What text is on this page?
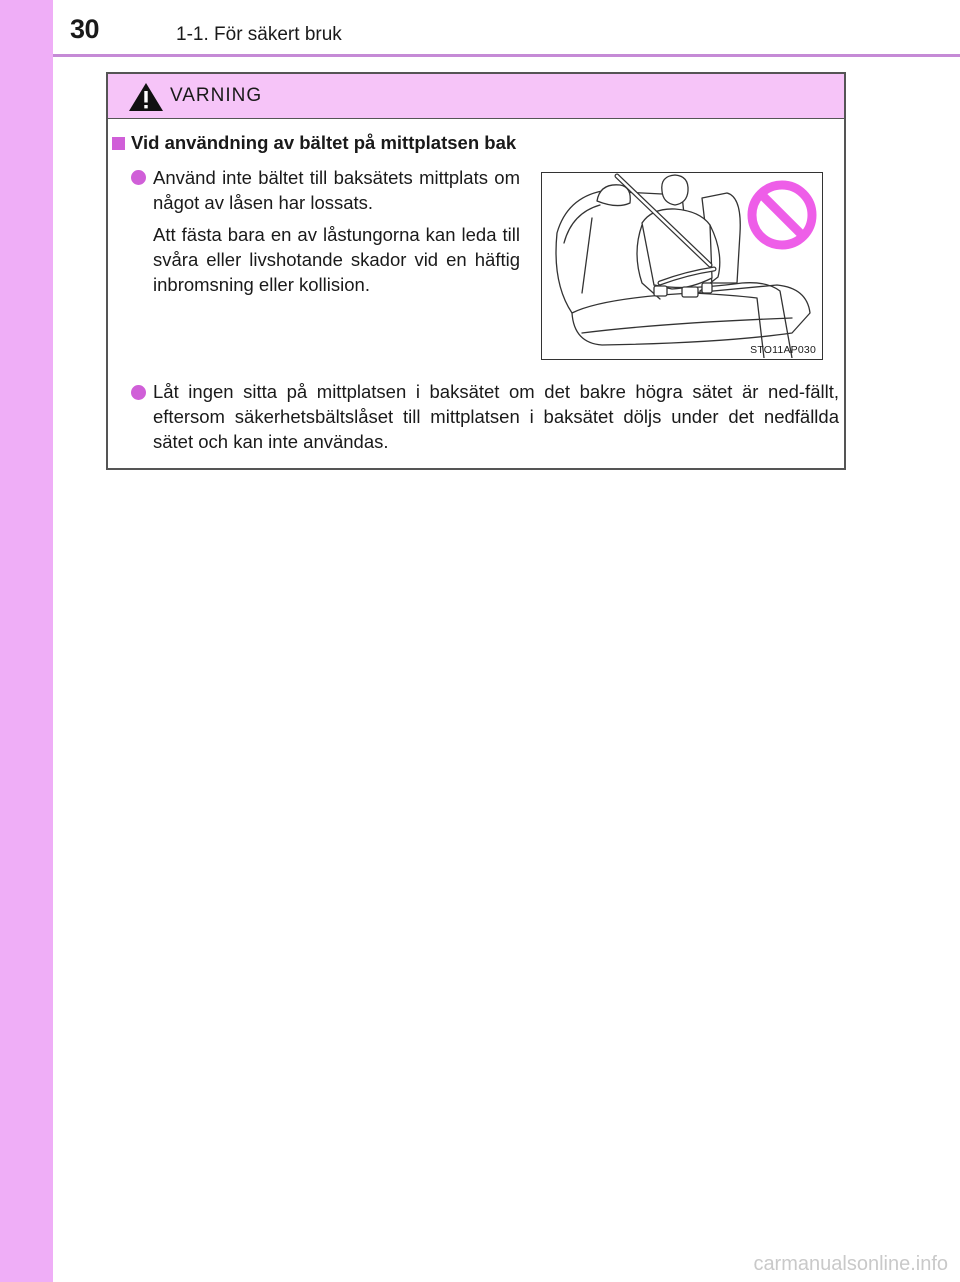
30	1-1. För säkert bruk
VARNING
Vid användning av bältet på mittplatsen bak
Använd inte bältet till baksätets mittplats om något av låsen har lossats.
Att fästa bara en av låstungorna kan leda till svåra eller livshotande skador vid en häftig inbromsning eller kollision.
STO11AP030
Låt ingen sitta på mittplatsen i baksätet om det bakre högra sätet är ned-fällt, eftersom säkerhetsbältslåset till mittplatsen i baksätet döljs under det nedfällda sätet och kan inte användas.
carmanualsonline.info
